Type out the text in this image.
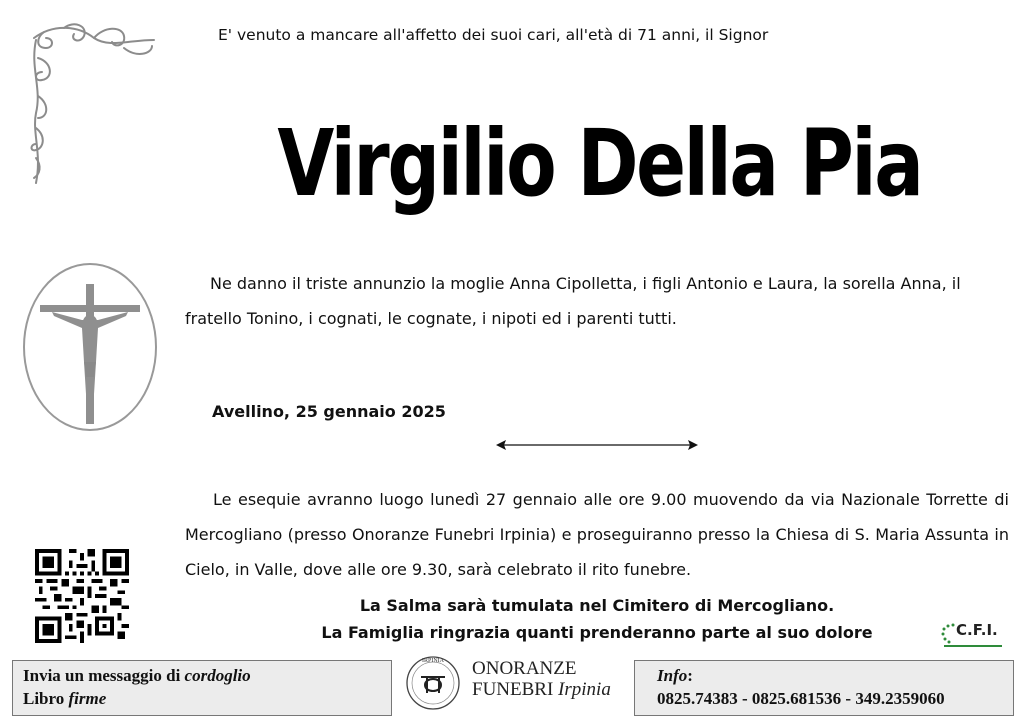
E' venuto a mancare all'affetto dei suoi cari, all'età di 71 anni, il Signor
Virgilio Della Pia
Ne danno il triste annunzio la moglie Anna Cipolletta, i figli Antonio e Laura, la sorella Anna, il fratello Tonino, i cognati, le cognate, i nipoti ed i parenti tutti.
Avellino, 25 gennaio 2025
Le esequie avranno luogo lunedì 27 gennaio alle ore 9.00 muovendo da via Nazionale Torrette di Mercogliano (presso Onoranze Funebri Irpinia) e proseguiranno presso la Chiesa di S. Maria Assunta in Cielo, in Valle, dove alle ore 9.30, sarà celebrato il rito funebre.
La Salma sarà tumulata nel Cimitero di Mercogliano.
La Famiglia ringrazia quanti prenderanno parte al suo dolore	C.F.I.
Invia un messaggio di cordoglio
Libro firme
IRPINIA ONORANZE
FUNEBRI Irpinia
Info:
0825.74383 - 0825.681536 - 349.2359060
